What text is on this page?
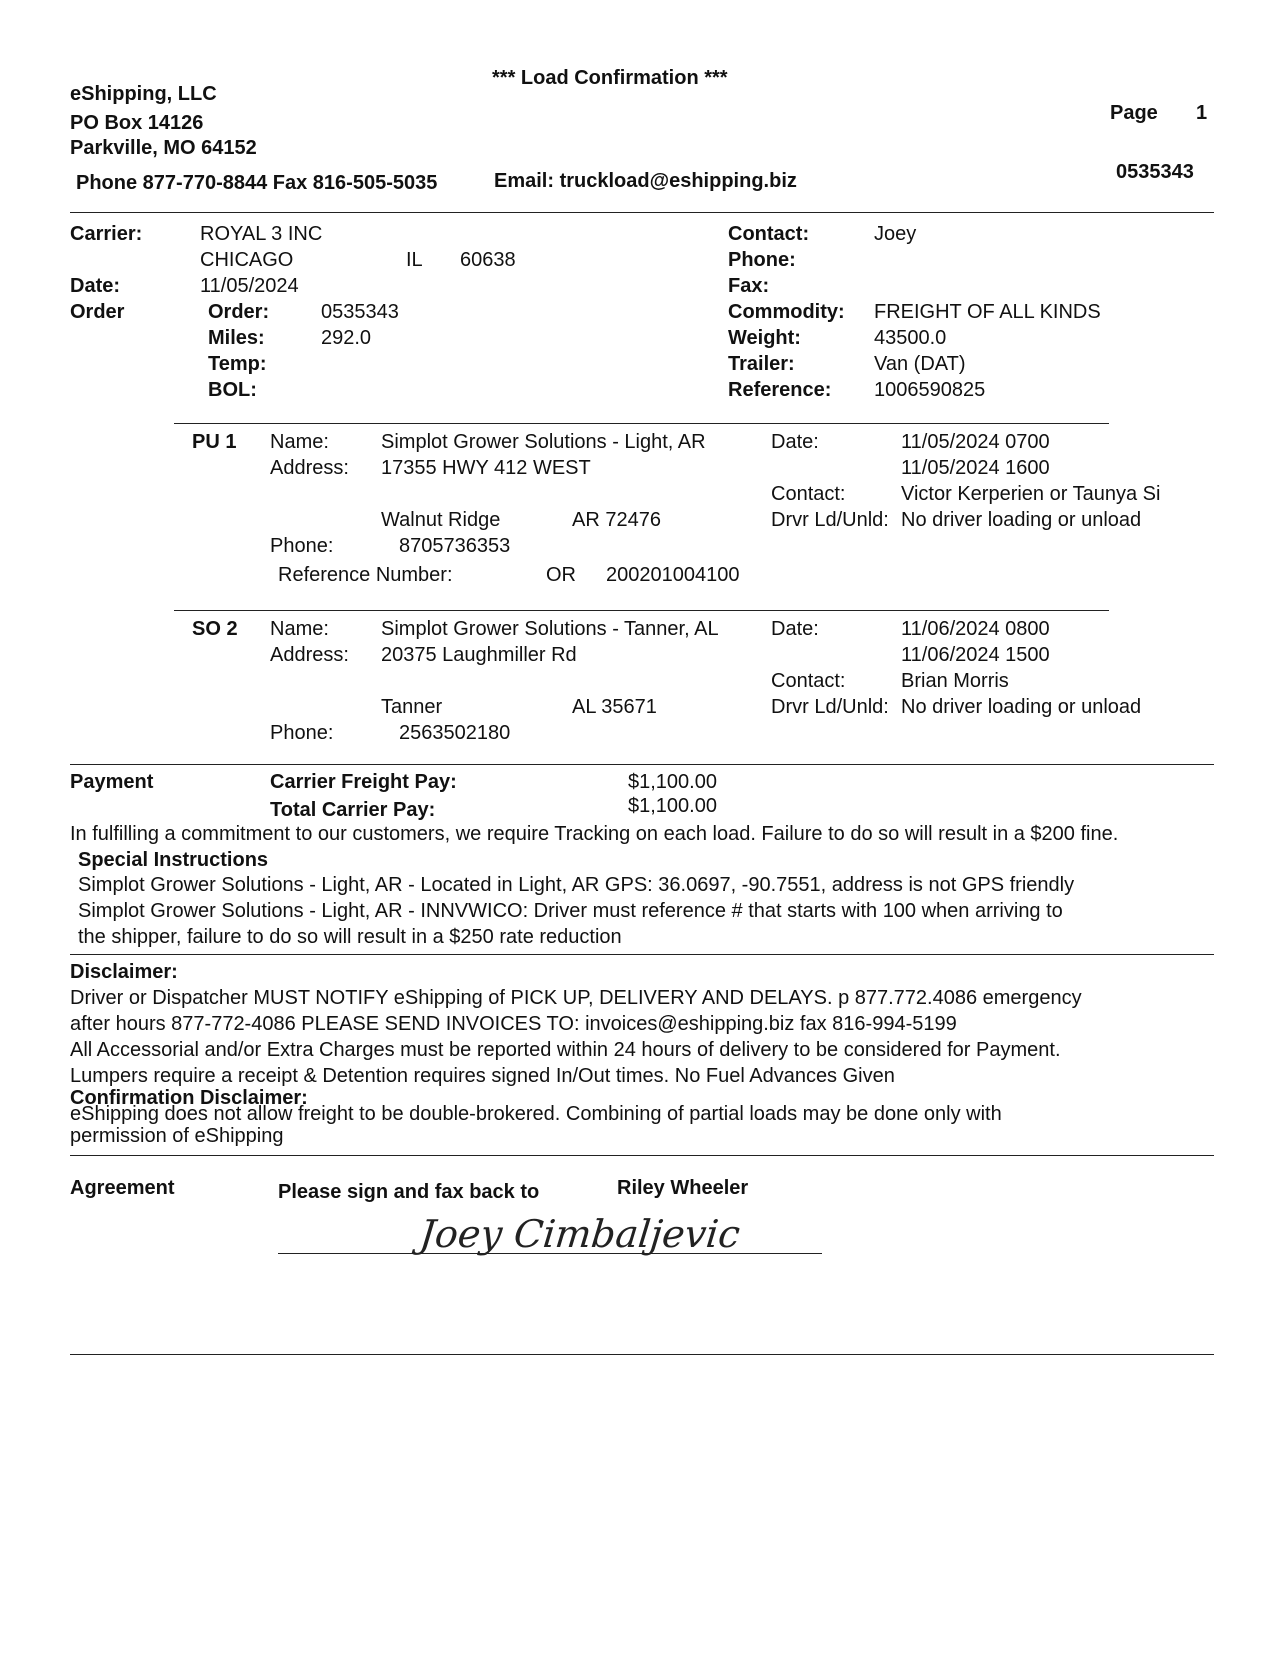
*** Load Confirmation ***
eShipping, LLC
PO Box 14126
Parkville, MO 64152
Phone 877-770-8844 Fax 816-505-5035	Email: truckload@eshipping.biz
Page 1
0535343
Carrier:	ROYAL 3 INC
CHICAGO	IL 60638
Date:	11/05/2024
Order	Order:	0535343
Miles:	292.0
Temp:
BOL:
Contact:	Joey
Phone:
Fax:
Commodity: FREIGHT OF ALL KINDS
Weight:	43500.0
Trailer:	Van (DAT)
Reference: 1006590825
PU 1 Name:	Simplot Grower Solutions - Light, AR
Address: 17355 HWY 412 WEST
Walnut Ridge	AR 72476
Phone:	8705736353
Reference Number:	OR 200201004100
Date:	11/05/2024 0700
11/05/2024 1600
Contact:	Victor Kerperien or Taunya Si
Drvr Ld/Unld: No driver loading or unload
SO 2 Name:	Simplot Grower Solutions - Tanner, AL
Address: 20375 Laughmiller Rd
Tanner	AL 35671
Phone:	2563502180
Date:	11/06/2024 0800
11/06/2024 1500
Contact:	Brian Morris
Drvr Ld/Unld: No driver loading or unload
Payment	Carrier Freight Pay:	$1,100.00
Total Carrier Pay:	$1,100.00
In fulfilling a commitment to our customers, we require Tracking on each load. Failure to do so will result in a $200 fine.
Special Instructions
Simplot Grower Solutions - Light, AR - Located in Light, AR GPS: 36.0697, -90.7551, address is not GPS friendly
Simplot Grower Solutions - Light, AR - INNVWICO: Driver must reference # that starts with 100 when arriving to
the shipper, failure to do so will result in a $250 rate reduction
Disclaimer:
Driver or Dispatcher MUST NOTIFY eShipping of PICK UP, DELIVERY AND DELAYS. p 877.772.4086 emergency
after hours 877-772-4086 PLEASE SEND INVOICES TO: invoices@eshipping.biz fax 816-994-5199
All Accessorial and/or Extra Charges must be reported within 24 hours of delivery to be considered for Payment.
Lumpers require a receipt & Detention requires signed In/Out times. No Fuel Advances Given
Confirmation Disclaimer:
eShipping does not allow freight to be double-brokered. Combining of partial loads may be done only with
permission of eShipping
Agreement	Please sign and fax back to	Riley Wheeler
Joey Cimbaljevic
